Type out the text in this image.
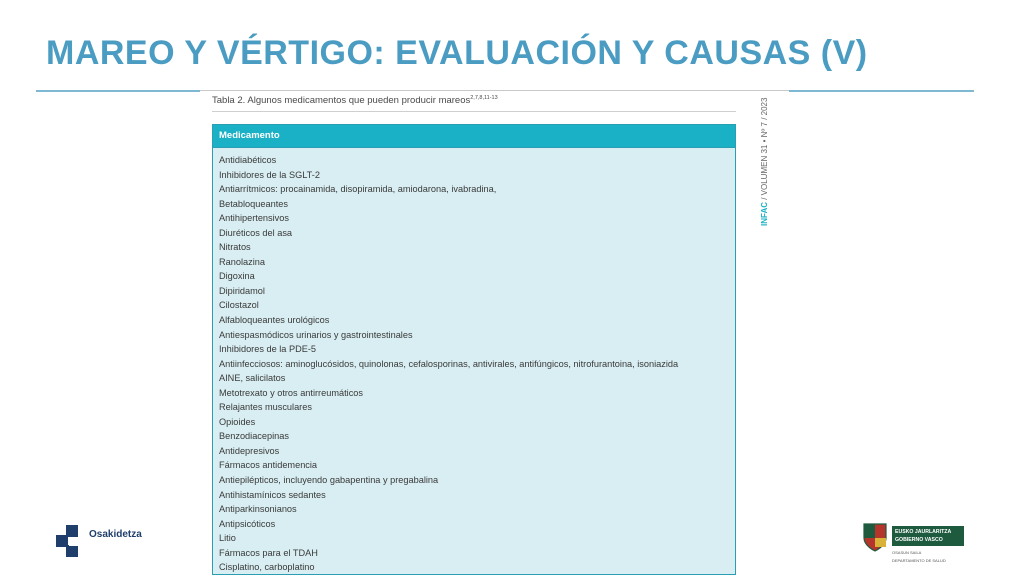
MAREO Y VÉRTIGO: EVALUACIÓN Y CAUSAS (V)
Tabla 2. Algunos medicamentos que pueden producir mareos$^{2,7,8,11-13}$
Medicamento
Antidiabéticos
Inhibidores de la SGLT-2
Antiarrítmicos: procainamida, disopiramida, amiodarona, ivabradina,
Betabloqueantes
Antihipertensivos
Diuréticos del asa
Nitratos
Ranolazina
Digoxina
Dipiridamol
Cilostazol
Alfabloqueantes urológicos
Antiespasmódicos urinarios y gastrointestinales
Inhibidores de la PDE-5
Antiinfecciosos: aminoglucósidos, quinolonas, cefalosporinas, antivirales, antifúngicos, nitrofurantoina, isoniazida
AINE, salicilatos
Metotrexato y otros antirreumáticos
Relajantes musculares
Opioides
Benzodiacepinas
Antidepresivos
Fármacos antidemencia
Antiepilépticos, incluyendo gabapentina y pregabalina
Antihistamínicos sedantes
Antiparkinsonianos
Antipsicóticos
Litio
Fármacos para el TDAH
Cisplatino, carboplatino
INFAC / VOLUMEN 31 • Nº 7 / 2023
Osakidetza	EUSKO JAURLARITZA
GOBIERNO VASCO
OSASUN SAILA
DEPARTAMENTO DE SALUD
